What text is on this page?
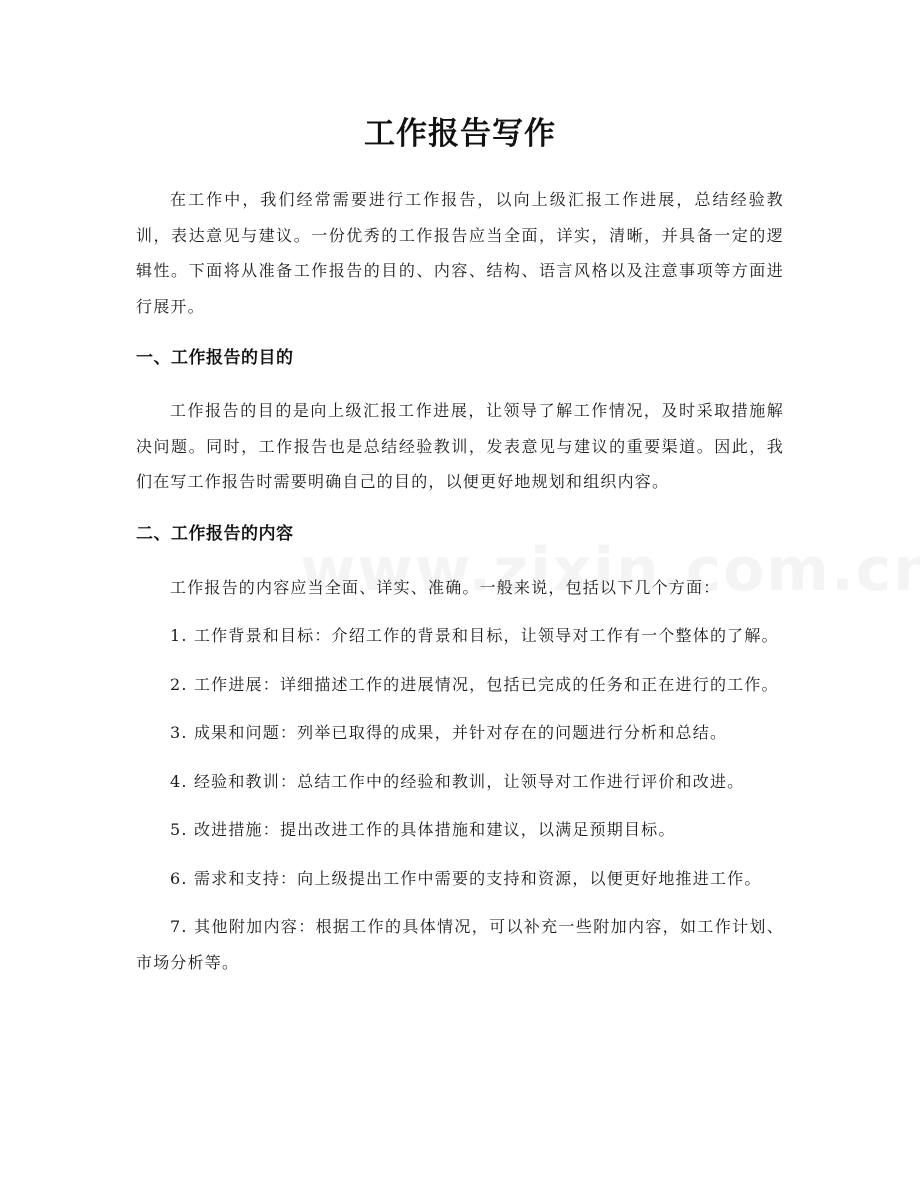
工作报告写作

在工作中，我们经常需要进行工作报告，以向上级汇报工作进展，总结经验教训，表达意见与建议。一份优秀的工作报告应当全面，详实，清晰，并具备一定的逻辑性。下面将从准备工作报告的目的、内容、结构、语言风格以及注意事项等方面进行展开。

一、工作报告的目的

工作报告的目的是向上级汇报工作进展，让领导了解工作情况，及时采取措施解决问题。同时，工作报告也是总结经验教训，发表意见与建议的重要渠道。因此，我们在写工作报告时需要明确自己的目的，以便更好地规划和组织内容。

二、工作报告的内容

工作报告的内容应当全面、详实、准确。一般来说，包括以下几个方面：

1. 工作背景和目标：介绍工作的背景和目标，让领导对工作有一个整体的了解。

2. 工作进展：详细描述工作的进展情况，包括已完成的任务和正在进行的工作。

3. 成果和问题：列举已取得的成果，并针对存在的问题进行分析和总结。

4. 经验和教训：总结工作中的经验和教训，让领导对工作进行评价和改进。

5. 改进措施：提出改进工作的具体措施和建议，以满足预期目标。

6. 需求和支持：向上级提出工作中需要的支持和资源，以便更好地推进工作。

7. 其他附加内容：根据工作的具体情况，可以补充一些附加内容，如工作计划、市场分析等。
